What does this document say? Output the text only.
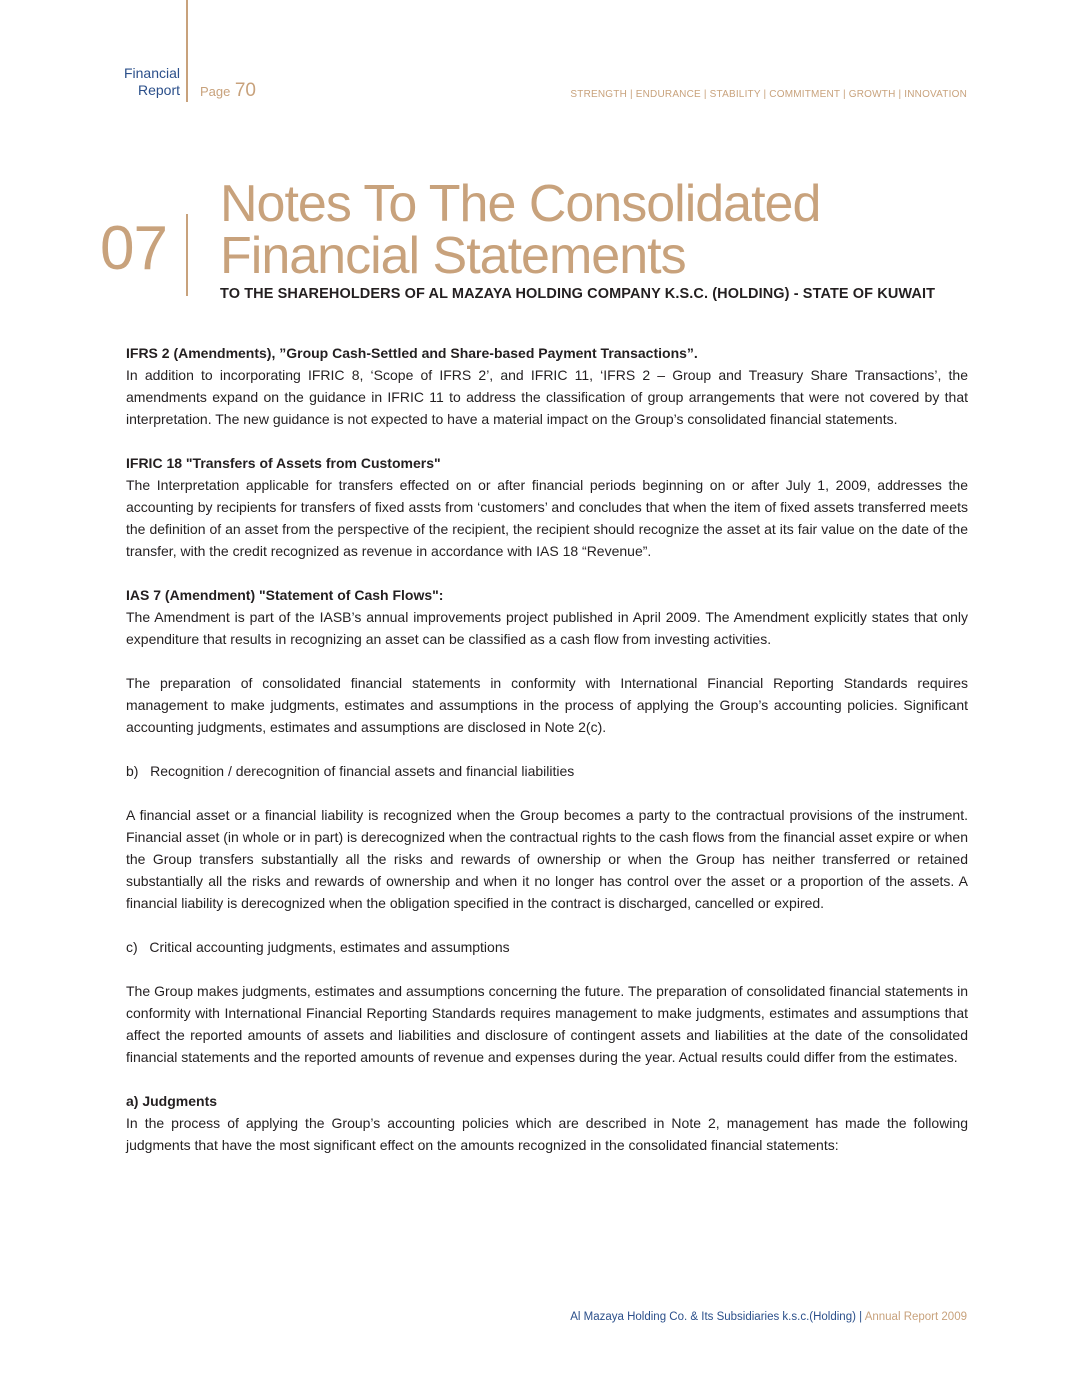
Financial
Report Page 70	STRENGTH | ENDURANCE | STABILITY | COMMITMENT | GROWTH | INNOVATION
07
Notes To The Consolidated
Financial Statements
TO THE SHAREHOLDERS OF AL MAZAYA HOLDING COMPANY K.S.C. (HOLDING) - STATE OF KUWAIT

IFRS 2 (Amendments), ”Group Cash-Settled and Share-based Payment Transactions”.

In addition to incorporating IFRIC 8, ‘Scope of IFRS 2’, and IFRIC 11, ‘IFRS 2 – Group and Treasury Share Transactions’, the amendments expand on the guidance in IFRIC 11 to address the classification of group arrangements that were not covered by that interpretation. The new guidance is not expected to have a material impact on the Group’s consolidated financial statements.

IFRIC 18 "Transfers of Assets from Customers"

The Interpretation applicable for transfers effected on or after financial periods beginning on or after July 1, 2009, addresses the accounting by recipients for transfers of fixed assts from ‘customers’ and concludes that when the item of fixed assets transferred meets the definition of an asset from the perspective of the recipient, the recipient should recognize the asset at its fair value on the date of the transfer, with the credit recognized as revenue in accordance with IAS 18 “Revenue”.

IAS 7 (Amendment) "Statement of Cash Flows":

The Amendment is part of the IASB’s annual improvements project published in April 2009. The Amendment explicitly states that only expenditure that results in recognizing an asset can be classified as a cash flow from investing activities.

The preparation of consolidated financial statements in conformity with International Financial Reporting Standards requires management to make judgments, estimates and assumptions in the process of applying the Group’s accounting policies. Significant accounting judgments, estimates and assumptions are disclosed in Note 2(c).

b)   Recognition / derecognition of financial assets and financial liabilities

A financial asset or a financial liability is recognized when the Group becomes a party to the contractual provisions of the instrument. Financial asset (in whole or in part) is derecognized when the contractual rights to the cash flows from the financial asset expire or when the Group transfers substantially all the risks and rewards of ownership or when the Group has neither transferred or retained substantially all the risks and rewards of ownership and when it no longer has control over the asset or a proportion of the assets. A financial liability is derecognized when the obligation specified in the contract is discharged, cancelled or expired.

c)   Critical accounting judgments, estimates and assumptions

The Group makes judgments, estimates and assumptions concerning the future. The preparation of consolidated financial statements in conformity with International Financial Reporting Standards requires management to make judgments, estimates and assumptions that affect the reported amounts of assets and liabilities and disclosure of contingent assets and liabilities at the date of the consolidated financial statements and the reported amounts of revenue and expenses during the year. Actual results could differ from the estimates.

a) Judgments

In the process of applying the Group’s accounting policies which are described in Note 2, management has made the following judgments that have the most significant effect on the amounts recognized in the consolidated financial statements:

Al Mazaya Holding Co. & Its Subsidiaries k.s.c.(Holding) | Annual Report 2009
